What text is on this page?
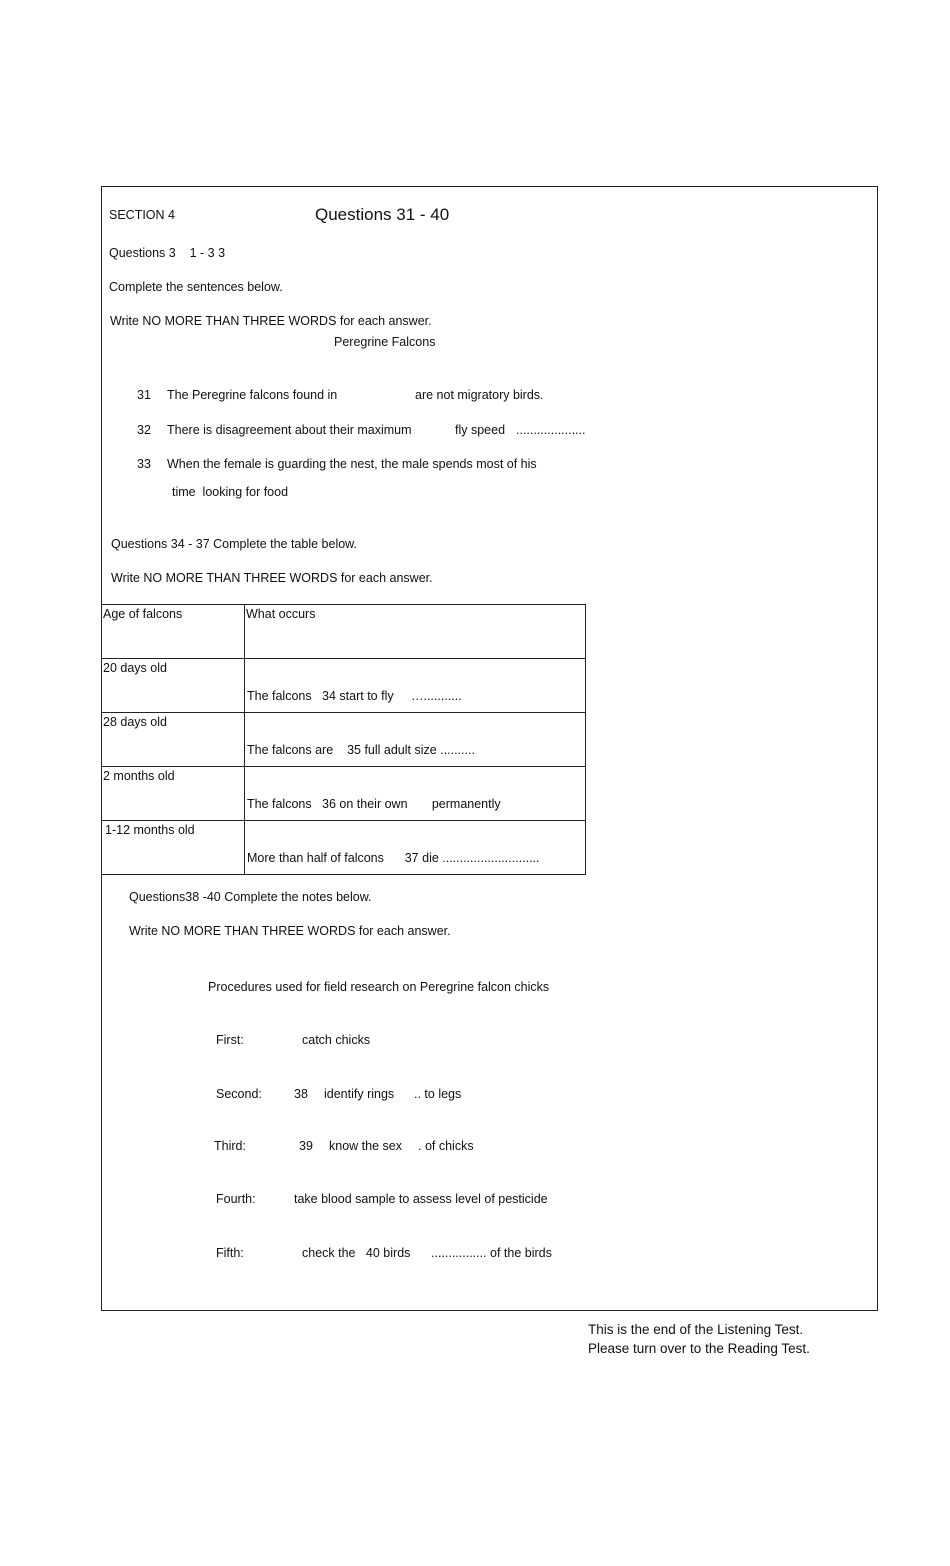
SECTION 4	Questions 31 - 40
Questions 3    1 - 3 3
Complete the sentences below.
Write NO MORE THAN THREE WORDS for each answer.
Peregrine Falcons
31 The Peregrine falcons found in	are not migratory birds.
32 There is disagreement about their maximum	fly speed ....................
33 When the female is guarding the nest, the male spends most of his
time  looking for food
Questions 34 - 37 Complete the table below.
Write NO MORE THAN THREE WORDS for each answer.
Age of falcons	What occurs

20 days old	The falcons 34 start to fly …...........

28 days old	The falcons are 35 full adult size ..........

2 months old	The falcons 36 on their own permanently

1-12 months old	More than half of falcons 37 die ............................
Questions38 -40 Complete the notes below.
Write NO MORE THAN THREE WORDS for each answer.
Procedures used for field research on Peregrine falcon chicks
First:	catch chicks
Second:	38 identify rings .. to legs
Third:	39 know the sex . of chicks
Fourth:	take blood sample to assess level of pesticide
Fifth:	check the   40 birds ................ of the birds
This is the end of the Listening Test.
Please turn over to the Reading Test.
